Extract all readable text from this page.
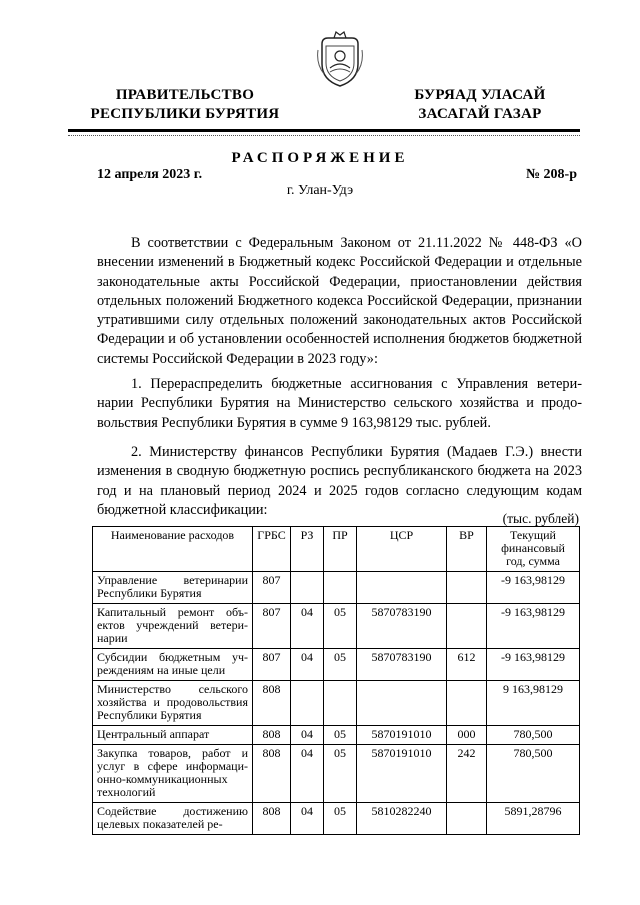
ПРАВИТЕЛЬСТВО
РЕСПУБЛИКИ БУРЯТИЯ
БУРЯАД УЛАСАЙ
ЗАСАГАЙ ГАЗАР
РАСПОРЯЖЕНИЕ
12 апреля 2023 г.	№ 208-р
г. Улан-Удэ
В соответствии с Федеральным Законом от 21.11.2022 № 448-ФЗ «О внесении изменений в Бюджетный кодекс Российской Федерации и отдельные законодательные акты Российской Федерации, приостановлении действия отдельных положений Бюджетного кодекса Российской Федерации, признании утратившими силу отдельных положений законодательных актов Российской Федерации и об установлении особенностей исполнения бюджетов бюджетной системы Российской Федерации в 2023 году»:
1. Перераспределить бюджетные ассигнования с Управления ветеринарии Республики Бурятия на Министерство сельского хозяйства и продовольствия Республики Бурятия в сумме 9 163,98129 тыс. рублей.
2. Министерству финансов Республики Бурятия (Мадаев Г.Э.) внести изменения в сводную бюджетную роспись республиканского бюджета на 2023 год и на плановый период 2024 и 2025 годов согласно следующим кодам бюджетной классификации:
(тыс. рублей)
Наименование расходов	ГРБС	РЗ	ПР	ЦСР	ВР	Текущий финансовый год, сумма
Управление ветеринарии Республики Бурятия	807					-9 163,98129
Капитальный ремонт объектов учреждений ветеринарии	807	04	05	5870783190		-9 163,98129
Субсидии бюджетным учреждениям на иные цели	807	04	05	5870783190	612	-9 163,98129
Министерство сельского хозяйства и продовольствия Республики Бурятия	808					9 163,98129
Центральный аппарат	808	04	05	5870191010	000	780,500
Закупка товаров, работ и услуг в сфере информационно-коммуникационных технологий	808	04	05	5870191010	242	780,500
Содействие достижению целевых показателей ре-	808	04	05	5810282240		5891,28796
